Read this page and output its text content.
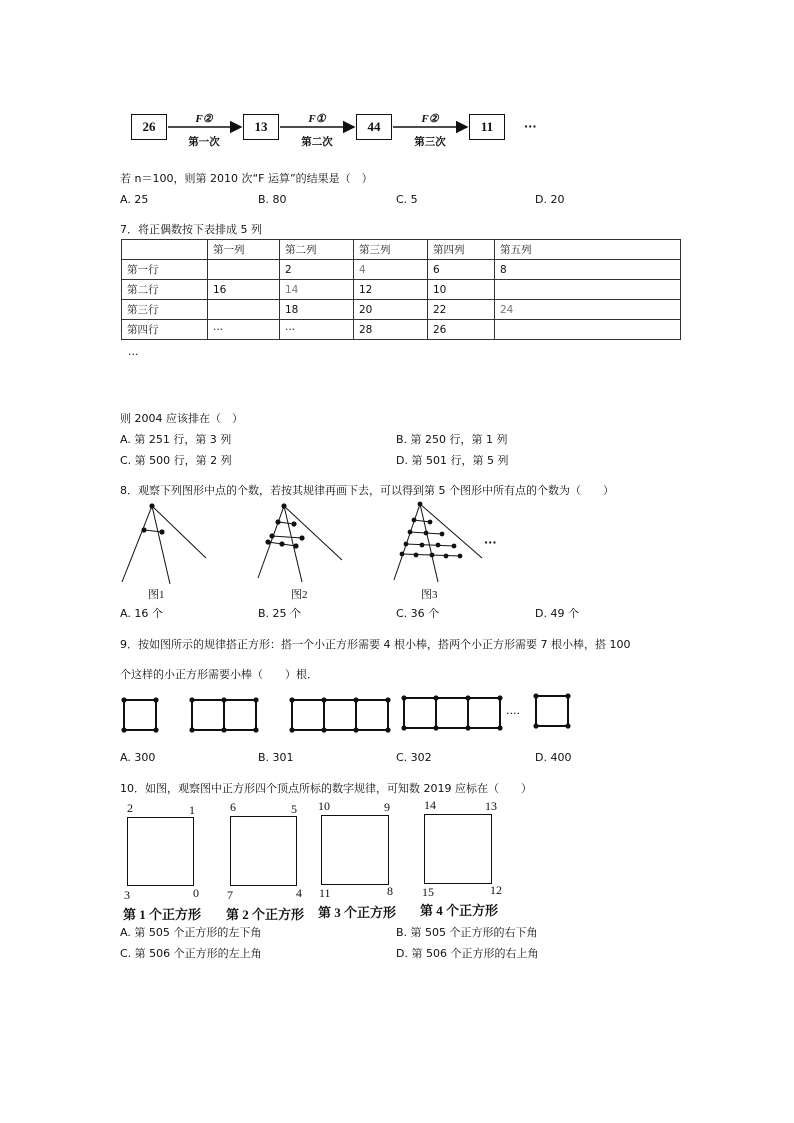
26	13	44	11
F②	F①	F②
第一次	第二次	第三次
···
若 n＝100，则第 2010 次“F 运算”的结果是（　）
A. 25	B. 80	C. 5	D. 20
7．将正偶数按下表排成 5 列
	第一列	第二列	第三列	第四列	第五列
第一行		2	4	6	8
第二行	16	14	12	10	
第三行		18	20	22	24
第四行	···	···	28	26	
···
则 2004 应该排在（　）
A. 第 251 行，第 3 列	B. 第 250 行，第 1 列
C. 第 500 行，第 2 列	D. 第 501 行，第 5 列
8．观察下列图形中点的个数，若按其规律再画下去，可以得到第 5 个图形中所有点的个数为（　　）
···
图1	图2	图3
A. 16 个	B. 25 个	C. 36 个	D. 49 个
9．按如图所示的规律搭正方形：搭一个小正方形需要 4 根小棒，搭两个小正方形需要 7 根小棒，搭 100
个这样的小正方形需要小棒（　　）根．
····
A. 300	B. 301	C. 302	D. 400
10．如图，观察图中正方形四个顶点所标的数字规律，可知数 2019 应标在（　　）
2	1
3	0
第 1 个正方形
6	5
7	4
第 2 个正方形
10	9
11	8
第 3 个正方形
14	13
15	12
第 4 个正方形
A. 第 505 个正方形的左下角	B. 第 505 个正方形的右下角
C. 第 506 个正方形的左上角	D. 第 506 个正方形的右上角
